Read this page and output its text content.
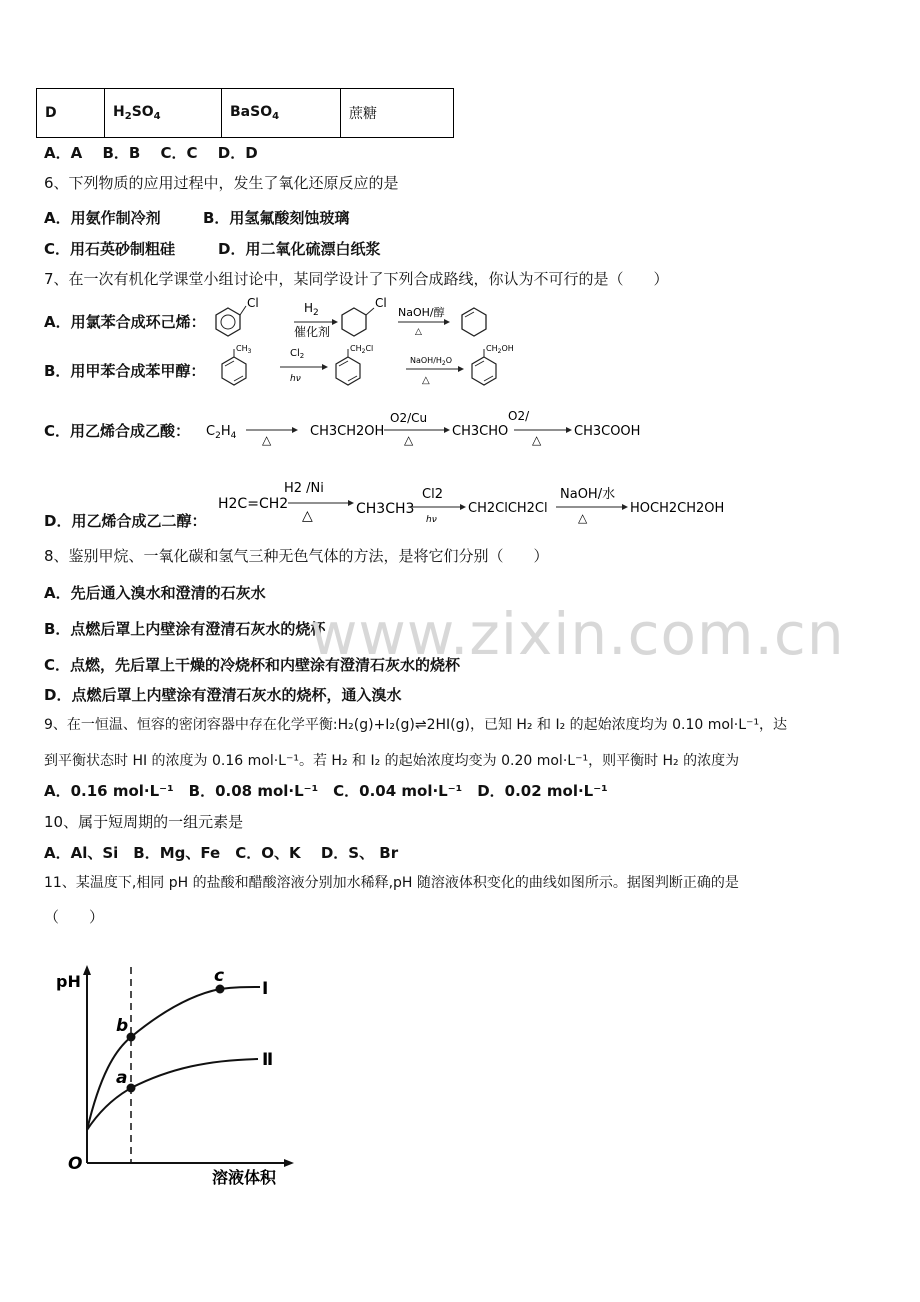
D	$H_2SO_4$	BaSO$_4$	蔗糖
A．A　 B．B　 C．C　 D．D
6、下列物质的应用过程中，发生了氧化还原反应的是
A．用氨作制冷剂	B．用氢氟酸刻蚀玻璃
C．用石英砂制粗硅	D．用二氧化硫漂白纸浆
7、在一次有机化学课堂小组讨论中，某同学设计了下列合成路线，你认为不可行的是（　　）
A．用氯苯合成环己烯：
Cl	$H_2$
催化剂
Cl
NaOH/醇
△
B．用甲苯合成苯甲醇：
$CH_3$	$Cl_2$
hν
$CH_2Cl$
NaOH/$H_2O$
△
$CH_2OH$
C．用乙烯合成乙酸： $C_2H_4$ △
CH3CH2OH
O2/Cu
△
CH3CHO
O2/
△
CH3COOH
D．用乙烯合成乙二醇：
H2C=CH2
H2 /Ni
△	CH3CH3
Cl2
hν
CH2ClCH2Cl
NaOH/水
△
HOCH2CH2OH
8、鉴别甲烷、一氧化碳和氢气三种无色气体的方法，是将它们分别（　　）
A．先后通入溴水和澄清的石灰水
B．点燃后罩上内壁涂有澄清石灰水的烧杯
C．点燃，先后罩上干燥的冷烧杯和内壁涂有澄清石灰水的烧杯
D．点燃后罩上内壁涂有澄清石灰水的烧杯，通入溴水
www.zixin.com.cn
9、在一恒温、恒容的密闭容器中存在化学平衡:H₂(g)+I₂(g)⇌2HI(g)，已知 H₂ 和 I₂ 的起始浓度均为 0.10 mol·L⁻¹，达
到平衡状态时 HI 的浓度为 0.16 mol·L⁻¹。若 H₂ 和 I₂ 的起始浓度均变为 0.20 mol·L⁻¹，则平衡时 H₂ 的浓度为
A．0.16 mol·L⁻¹　B．0.08 mol·L⁻¹　C．0.04 mol·L⁻¹　D．0.02 mol·L⁻¹
10、属于短周期的一组元素是
A．Al、Si　B．Mg、Fe　C．O、K　 D．S、 Br
11、某温度下,相同 pH 的盐酸和醋酸溶液分别加水稀释,pH 随溶液体积变化的曲线如图所示。据图判断正确的是
（　　）
pH
溶液体积
O
b
a
c
Ⅰ
Ⅱ
